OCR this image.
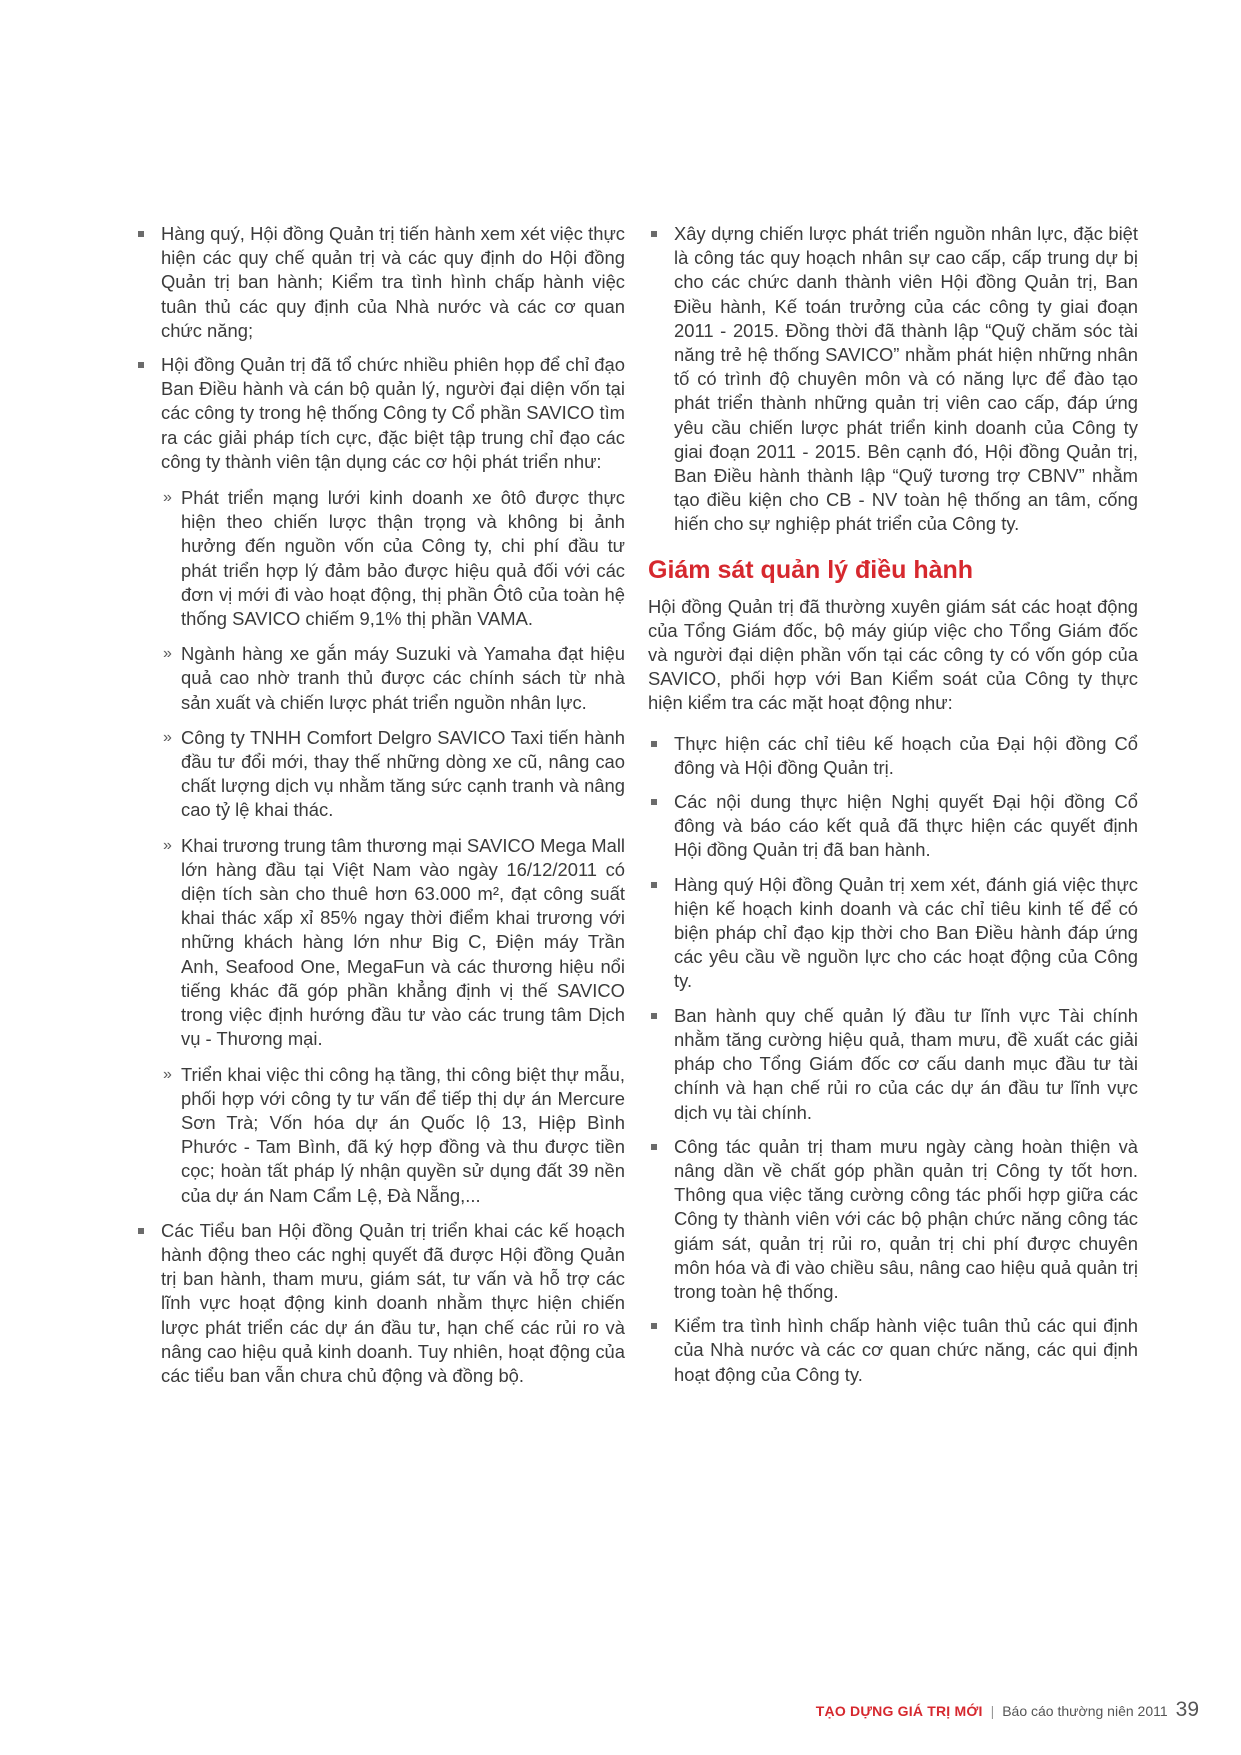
Hàng quý, Hội đồng Quản trị tiến hành xem xét việc thực hiện các quy chế quản trị và các quy định do Hội đồng Quản trị ban hành; Kiểm tra tình hình chấp hành việc tuân thủ các quy định của Nhà nước và các cơ quan chức năng;
Hội đồng Quản trị đã tổ chức nhiều phiên họp để chỉ đạo Ban Điều hành và cán bộ quản lý, người đại diện vốn tại các công ty trong hệ thống Công ty Cổ phần SAVICO tìm ra các giải pháp tích cực, đặc biệt tập trung chỉ đạo các công ty thành viên tận dụng các cơ hội phát triển như:
» Phát triển mạng lưới kinh doanh xe ôtô được thực hiện theo chiến lược thận trọng và không bị ảnh hưởng đến nguồn vốn của Công ty, chi phí đầu tư phát triển hợp lý đảm bảo được hiệu quả đối với các đơn vị mới đi vào hoạt động, thị phần Ôtô của toàn hệ thống SAVICO chiếm 9,1% thị phần VAMA.
» Ngành hàng xe gắn máy Suzuki và Yamaha đạt hiệu quả cao nhờ tranh thủ được các chính sách từ nhà sản xuất và chiến lược phát triển nguồn nhân lực.
» Công ty TNHH Comfort Delgro SAVICO Taxi tiến hành đầu tư đổi mới, thay thế những dòng xe cũ, nâng cao chất lượng dịch vụ nhằm tăng sức cạnh tranh và nâng cao tỷ lệ khai thác.
» Khai trương trung tâm thương mại SAVICO Mega Mall lớn hàng đầu tại Việt Nam vào ngày 16/12/2011 có diện tích sàn cho thuê hơn 63.000 m², đạt công suất khai thác xấp xỉ 85% ngay thời điểm khai trương với những khách hàng lớn như Big C, Điện máy Trần Anh, Seafood One, MegaFun và các thương hiệu nổi tiếng khác đã góp phần khẳng định vị thế SAVICO trong việc định hướng đầu tư vào các trung tâm Dịch vụ - Thương mại.
» Triển khai việc thi công hạ tầng, thi công biệt thự mẫu, phối hợp với công ty tư vấn để tiếp thị dự án Mercure Sơn Trà; Vốn hóa dự án Quốc lộ 13, Hiệp Bình Phước - Tam Bình, đã ký hợp đồng và thu được tiền cọc; hoàn tất pháp lý nhận quyền sử dụng đất 39 nền của dự án Nam Cẩm Lệ, Đà Nẵng,...
Các Tiểu ban Hội đồng Quản trị triển khai các kế hoạch hành động theo các nghị quyết đã được Hội đồng Quản trị ban hành, tham mưu, giám sát, tư vấn và hỗ trợ các lĩnh vực hoạt động kinh doanh nhằm thực hiện chiến lược phát triển các dự án đầu tư, hạn chế các rủi ro và nâng cao hiệu quả kinh doanh. Tuy nhiên, hoạt động của các tiểu ban vẫn chưa chủ động và đồng bộ.
Xây dựng chiến lược phát triển nguồn nhân lực, đặc biệt là công tác quy hoạch nhân sự cao cấp, cấp trung dự bị cho các chức danh thành viên Hội đồng Quản trị, Ban Điều hành, Kế toán trưởng của các công ty giai đoạn 2011 - 2015. Đồng thời đã thành lập “Quỹ chăm sóc tài năng trẻ hệ thống SAVICO” nhằm phát hiện những nhân tố có trình độ chuyên môn và có năng lực để đào tạo phát triển thành những quản trị viên cao cấp, đáp ứng yêu cầu chiến lược phát triển kinh doanh của Công ty giai đoạn 2011 - 2015. Bên cạnh đó, Hội đồng Quản trị, Ban Điều hành thành lập “Quỹ tương trợ CBNV” nhằm tạo điều kiện cho CB - NV toàn hệ thống an tâm, cống hiến cho sự nghiệp phát triển của Công ty.
Giám sát quản lý điều hành

Hội đồng Quản trị đã thường xuyên giám sát các hoạt động của Tổng Giám đốc, bộ máy giúp việc cho Tổng Giám đốc và người đại diện phần vốn tại các công ty có vốn góp của SAVICO, phối hợp với Ban Kiểm soát của Công ty thực hiện kiểm tra các mặt hoạt động như:

Thực hiện các chỉ tiêu kế hoạch của Đại hội đồng Cổ đông và Hội đồng Quản trị.
Các nội dung thực hiện Nghị quyết Đại hội đồng Cổ đông và báo cáo kết quả đã thực hiện các quyết định Hội đồng Quản trị đã ban hành.
Hàng quý Hội đồng Quản trị xem xét, đánh giá việc thực hiện kế hoạch kinh doanh và các chỉ tiêu kinh tế để có biện pháp chỉ đạo kịp thời cho Ban Điều hành đáp ứng các yêu cầu về nguồn lực cho các hoạt động của Công ty.
Ban hành quy chế quản lý đầu tư lĩnh vực Tài chính nhằm tăng cường hiệu quả, tham mưu, đề xuất các giải pháp cho Tổng Giám đốc cơ cấu danh mục đầu tư tài chính và hạn chế rủi ro của các dự án đầu tư lĩnh vực dịch vụ tài chính.
Công tác quản trị tham mưu ngày càng hoàn thiện và nâng dần về chất góp phần quản trị Công ty tốt hơn. Thông qua việc tăng cường công tác phối hợp giữa các Công ty thành viên với các bộ phận chức năng công tác giám sát, quản trị rủi ro, quản trị chi phí được chuyên môn hóa và đi vào chiều sâu, nâng cao hiệu quả quản trị trong toàn hệ thống.
Kiểm tra tình hình chấp hành việc tuân thủ các qui định của Nhà nước và các cơ quan chức năng, các qui định hoạt động của Công ty.
TẠO DỰNG GIÁ TRỊ MỚI | Báo cáo thường niên 2011 39
